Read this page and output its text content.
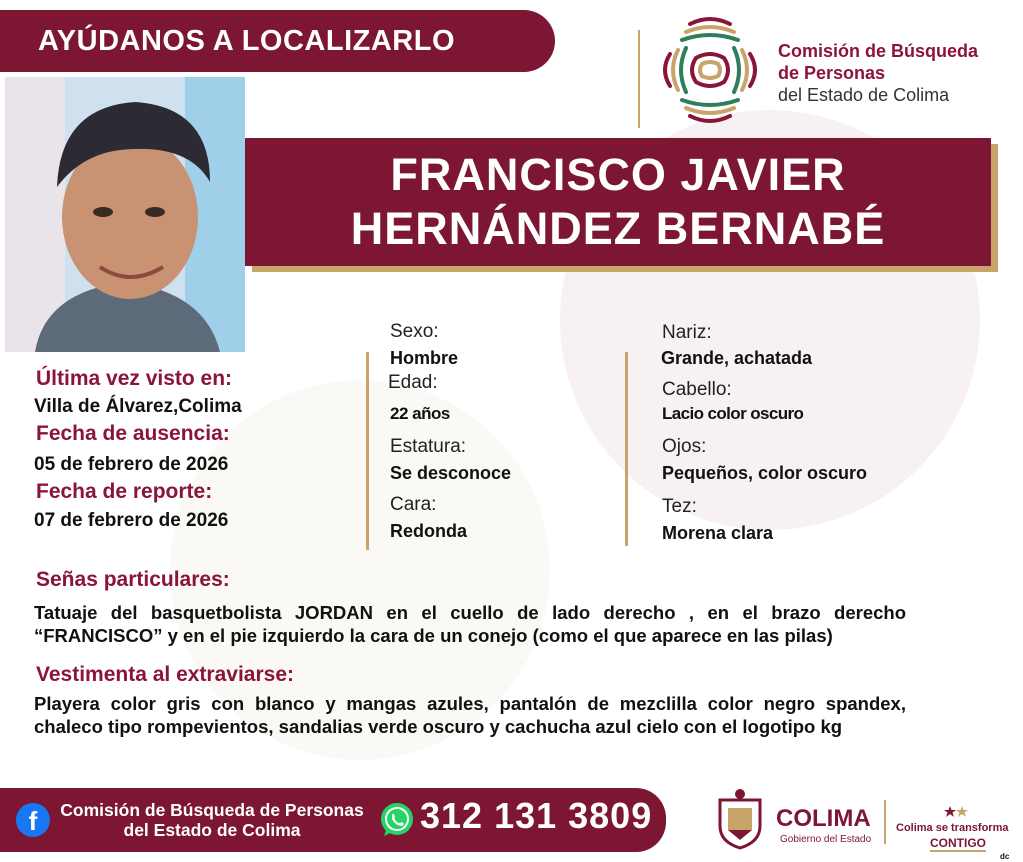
AYÚDANOS A LOCALIZARLO	Comisión de Búsqueda
de Personas
del Estado de Colima
FRANCISCO JAVIER
HERNÁNDEZ BERNABÉ
Última vez visto en:
Villa de Álvarez,Colima
Fecha de ausencia:
05 de febrero de 2026
Fecha de reporte:
07 de febrero de 2026
Sexo:
Hombre
Edad:
22 años
Estatura:
Se desconoce
Cara:
Redonda
Nariz:
Grande, achatada
Cabello:
Lacio color oscuro
Ojos:
Pequeños, color oscuro
Tez:
Morena clara
Señas particulares:
Tatuaje del basquetbolista JORDAN en el cuello de lado derecho , en el brazo derecho “FRANCISCO” y en el pie izquierdo la cara de un conejo (como el que aparece en las pilas)
Vestimenta al extraviarse:
Playera color gris con blanco y mangas azules, pantalón de mezclilla color negro spandex, chaleco tipo rompevientos, sandalias verde oscuro y cachucha azul cielo con el logotipo kg
f	Comisión de Búsqueda de Personas
del Estado de Colima	312 131 3809	COLIMA
Gobierno del Estado
Colima se transforma
CONTIGO
dc
